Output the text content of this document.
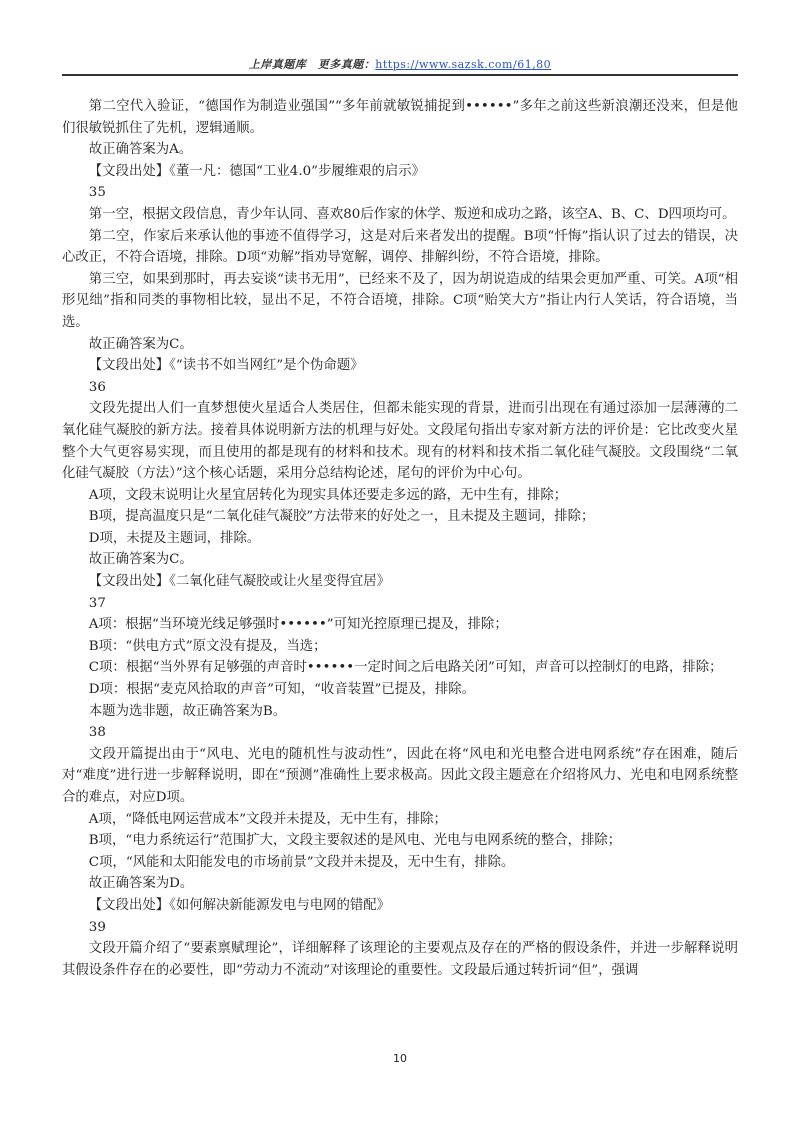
上岸真题库　更多真题：https://www.sazsk.com/61,80

第二空代入验证，“德国作为制造业强国”“多年前就敏锐捕捉到••••••”多年之前这些新浪潮还没来，但是他们很敏锐抓住了先机，逻辑通顺。

故正确答案为A。

【文段出处】《董一凡：德国“工业4.0”步履维艰的启示》

35

第一空，根据文段信息，青少年认同、喜欢80后作家的休学、叛逆和成功之路，该空A、B、C、D四项均可。

第二空，作家后来承认他的事迹不值得学习，这是对后来者发出的提醒。B项“忏悔”指认识了过去的错误，决心改正，不符合语境，排除。D项“劝解”指劝导宽解，调停、排解纠纷，不符合语境，排除。

第三空，如果到那时，再去妄谈“读书无用”，已经来不及了，因为胡说造成的结果会更加严重、可笑。A项“相形见绌”指和同类的事物相比较，显出不足，不符合语境，排除。C项“贻笑大方”指让内行人笑话，符合语境，当选。

故正确答案为C。

【文段出处】《“读书不如当网红”是个伪命题》

36

文段先提出人们一直梦想使火星适合人类居住，但都未能实现的背景，进而引出现在有通过添加一层薄薄的二氧化硅气凝胶的新方法。接着具体说明新方法的机理与好处。文段尾句指出专家对新方法的评价是：它比改变火星整个大气更容易实现，而且使用的都是现有的材料和技术。现有的材料和技术指二氧化硅气凝胶。文段围绕“二氧化硅气凝胶（方法）”这个核心话题，采用分总结构论述，尾句的评价为中心句。

A项，文段末说明让火星宜居转化为现实具体还要走多远的路，无中生有，排除；

B项，提高温度只是“二氧化硅气凝胶”方法带来的好处之一，且未提及主题词，排除；

D项，未提及主题词，排除。

故正确答案为C。

【文段出处】《二氧化硅气凝胶或让火星变得宜居》

37

A项：根据“当环境光线足够强时••••••”可知光控原理已提及，排除；

B项：“供电方式”原文没有提及，当选；

C项：根据“当外界有足够强的声音时••••••一定时间之后电路关闭”可知，声音可以控制灯的电路，排除；

D项：根据“麦克风拾取的声音”可知，“收音装置”已提及，排除。

本题为选非题，故正确答案为B。

38

文段开篇提出由于“风电、光电的随机性与波动性”，因此在将“风电和光电整合进电网系统”存在困难，随后对“难度”进行进一步解释说明，即在“预测”准确性上要求极高。因此文段主题意在介绍将风力、光电和电网系统整合的难点，对应D项。

A项，“降低电网运营成本”文段并未提及，无中生有，排除；

B项，“电力系统运行”范围扩大，文段主要叙述的是风电、光电与电网系统的整合，排除；

C项，“风能和太阳能发电的市场前景”文段并未提及，无中生有，排除。

故正确答案为D。

【文段出处】《如何解决新能源发电与电网的错配》

39

文段开篇介绍了“要素禀赋理论”，详细解释了该理论的主要观点及存在的严格的假设条件，并进一步解释说明其假设条件存在的必要性，即“劳动力不流动”对该理论的重要性。文段最后通过转折词“但”，强调

10
